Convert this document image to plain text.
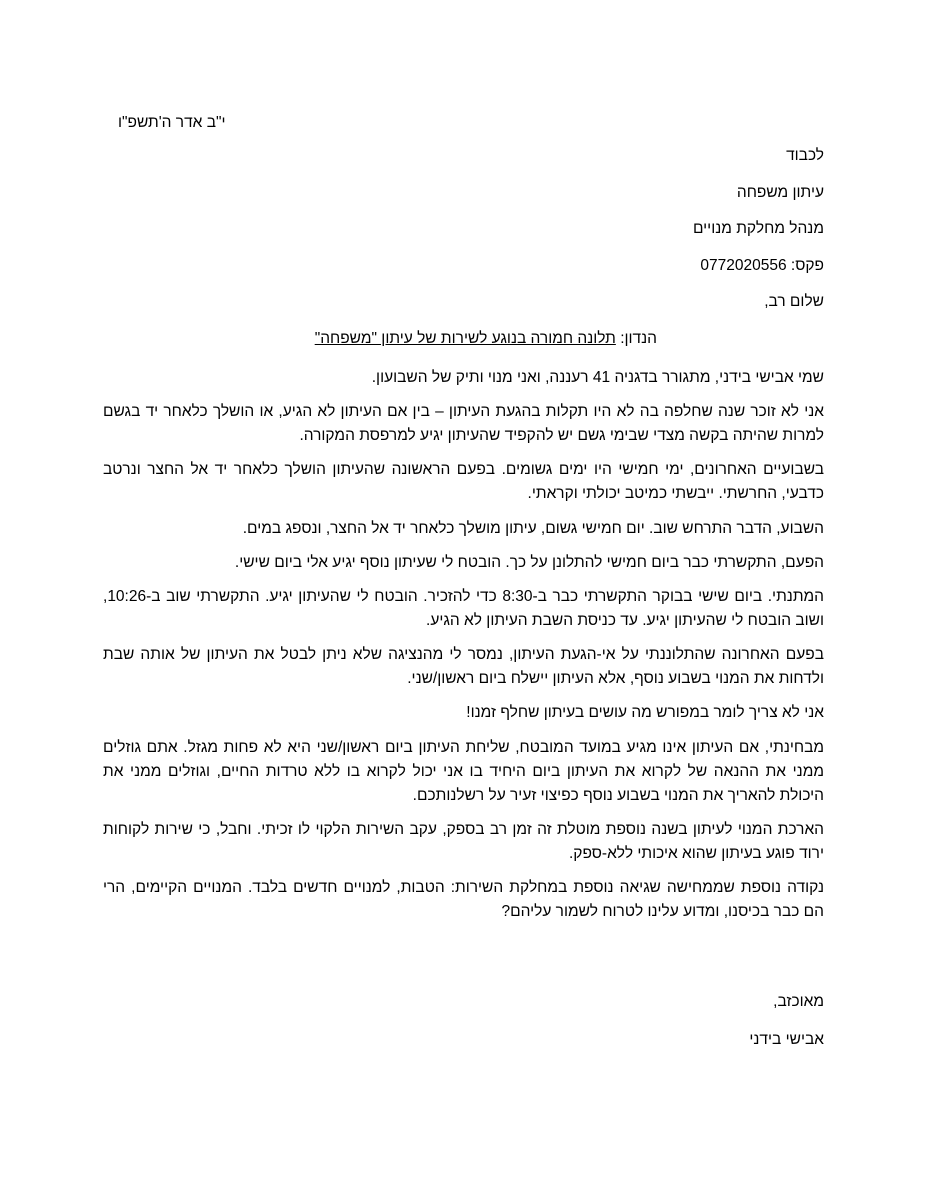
י"ב אדר ה'תשפ"ו
לכבוד
עיתון משפחה
מנהל מחלקת מנויים
פקס: 0772020556
שלום רב,
הנדון: תלונה חמורה בנוגע לשירות של עיתון "משפחה"

שמי אבישי בידני, מתגורר בדגניה 41 רעננה, ואני מנוי ותיק של השבועון.

אני לא זוכר שנה שחלפה בה לא היו תקלות בהגעת העיתון – בין אם העיתון לא הגיע, או הושלך כלאחר יד בגשם למרות שהיתה בקשה מצדי שבימי גשם יש להקפיד שהעיתון יגיע למרפסת המקורה.

בשבועיים האחרונים, ימי חמישי היו ימים גשומים. בפעם הראשונה שהעיתון הושלך כלאחר יד אל החצר ונרטב כדבעי, החרשתי. ייבשתי כמיטב יכולתי וקראתי.

השבוע, הדבר התרחש שוב. יום חמישי גשום, עיתון מושלך כלאחר יד אל החצר, ונספג במים.

הפעם, התקשרתי כבר ביום חמישי להתלונן על כך. הובטח לי שעיתון נוסף יגיע אלי ביום שישי.

המתנתי. ביום שישי בבוקר התקשרתי כבר ב-8:30 כדי להזכיר. הובטח לי שהעיתון יגיע. התקשרתי שוב ב-10:26, ושוב הובטח לי שהעיתון יגיע. עד כניסת השבת העיתון לא הגיע.

בפעם האחרונה שהתלוננתי על אי-הגעת העיתון, נמסר לי מהנציגה שלא ניתן לבטל את העיתון של אותה שבת ולדחות את המנוי בשבוע נוסף, אלא העיתון יישלח ביום ראשון/שני.

אני לא צריך לומר במפורש מה עושים בעיתון שחלף זמנו!

מבחינתי, אם העיתון אינו מגיע במועד המובטח, שליחת העיתון ביום ראשון/שני היא לא פחות מגזל. אתם גוזלים ממני את ההנאה של לקרוא את העיתון ביום היחיד בו אני יכול לקרוא בו ללא טרדות החיים, וגוזלים ממני את היכולת להאריך את המנוי בשבוע נוסף כפיצוי זעיר על רשלנותכם.

הארכת המנוי לעיתון בשנה נוספת מוטלת זה זמן רב בספק, עקב השירות הלקוי לו זכיתי. וחבל, כי שירות לקוחות ירוד פוגע בעיתון שהוא איכותי ללא-ספק.

נקודה נוספת שממחישה שגיאה נוספת במחלקת השירות: הטבות, למנויים חדשים בלבד. המנויים הקיימים, הרי הם כבר בכיסנו, ומדוע עלינו לטרוח לשמור עליהם?

מאוכזב,
אבישי בידני
